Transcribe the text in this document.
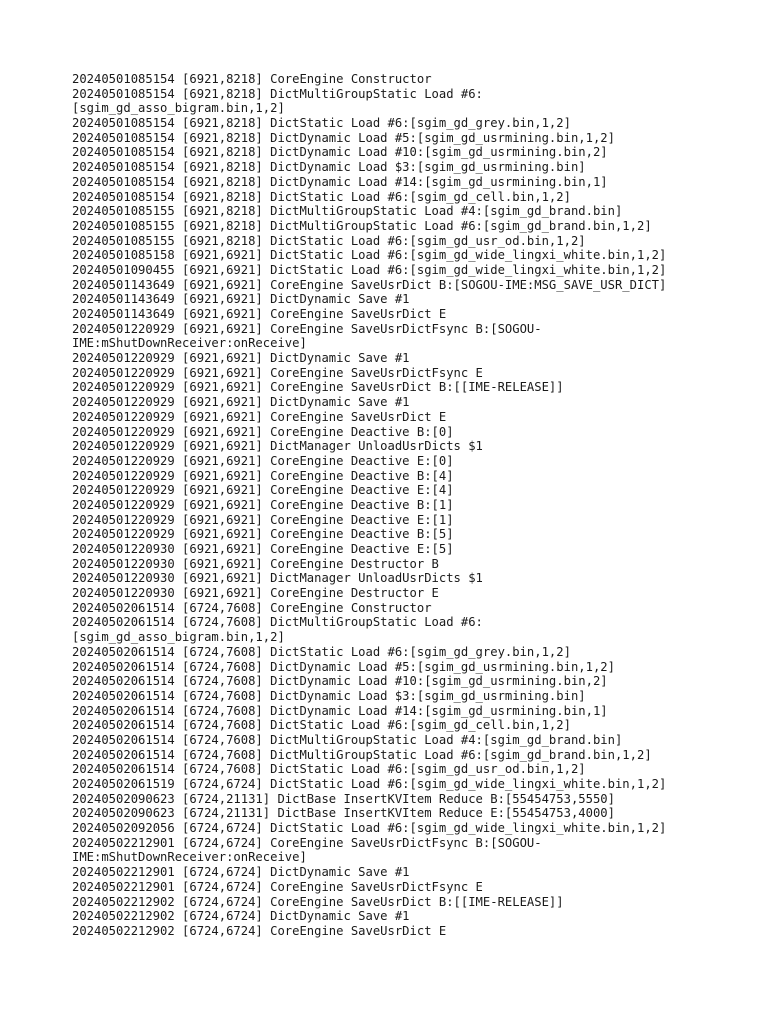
20240501085154 [6921,8218] CoreEngine Constructor
20240501085154 [6921,8218] DictMultiGroupStatic Load #6:
[sgim_gd_asso_bigram.bin,1,2]
20240501085154 [6921,8218] DictStatic Load #6:[sgim_gd_grey.bin,1,2]
20240501085154 [6921,8218] DictDynamic Load #5:[sgim_gd_usrmining.bin,1,2]
20240501085154 [6921,8218] DictDynamic Load #10:[sgim_gd_usrmining.bin,2]
20240501085154 [6921,8218] DictDynamic Load $3:[sgim_gd_usrmining.bin]
20240501085154 [6921,8218] DictDynamic Load #14:[sgim_gd_usrmining.bin,1]
20240501085154 [6921,8218] DictStatic Load #6:[sgim_gd_cell.bin,1,2]
20240501085155 [6921,8218] DictMultiGroupStatic Load #4:[sgim_gd_brand.bin]
20240501085155 [6921,8218] DictMultiGroupStatic Load #6:[sgim_gd_brand.bin,1,2]
20240501085155 [6921,8218] DictStatic Load #6:[sgim_gd_usr_od.bin,1,2]
20240501085158 [6921,6921] DictStatic Load #6:[sgim_gd_wide_lingxi_white.bin,1,2]
20240501090455 [6921,6921] DictStatic Load #6:[sgim_gd_wide_lingxi_white.bin,1,2]
20240501143649 [6921,6921] CoreEngine SaveUsrDict B:[SOGOU-IME:MSG_SAVE_USR_DICT]
20240501143649 [6921,6921] DictDynamic Save #1
20240501143649 [6921,6921] CoreEngine SaveUsrDict E
20240501220929 [6921,6921] CoreEngine SaveUsrDictFsync B:[SOGOU-
IME:mShutDownReceiver:onReceive]
20240501220929 [6921,6921] DictDynamic Save #1
20240501220929 [6921,6921] CoreEngine SaveUsrDictFsync E
20240501220929 [6921,6921] CoreEngine SaveUsrDict B:[[IME-RELEASE]]
20240501220929 [6921,6921] DictDynamic Save #1
20240501220929 [6921,6921] CoreEngine SaveUsrDict E
20240501220929 [6921,6921] CoreEngine Deactive B:[0]
20240501220929 [6921,6921] DictManager UnloadUsrDicts $1
20240501220929 [6921,6921] CoreEngine Deactive E:[0]
20240501220929 [6921,6921] CoreEngine Deactive B:[4]
20240501220929 [6921,6921] CoreEngine Deactive E:[4]
20240501220929 [6921,6921] CoreEngine Deactive B:[1]
20240501220929 [6921,6921] CoreEngine Deactive E:[1]
20240501220929 [6921,6921] CoreEngine Deactive B:[5]
20240501220930 [6921,6921] CoreEngine Deactive E:[5]
20240501220930 [6921,6921] CoreEngine Destructor B
20240501220930 [6921,6921] DictManager UnloadUsrDicts $1
20240501220930 [6921,6921] CoreEngine Destructor E
20240502061514 [6724,7608] CoreEngine Constructor
20240502061514 [6724,7608] DictMultiGroupStatic Load #6:
[sgim_gd_asso_bigram.bin,1,2]
20240502061514 [6724,7608] DictStatic Load #6:[sgim_gd_grey.bin,1,2]
20240502061514 [6724,7608] DictDynamic Load #5:[sgim_gd_usrmining.bin,1,2]
20240502061514 [6724,7608] DictDynamic Load #10:[sgim_gd_usrmining.bin,2]
20240502061514 [6724,7608] DictDynamic Load $3:[sgim_gd_usrmining.bin]
20240502061514 [6724,7608] DictDynamic Load #14:[sgim_gd_usrmining.bin,1]
20240502061514 [6724,7608] DictStatic Load #6:[sgim_gd_cell.bin,1,2]
20240502061514 [6724,7608] DictMultiGroupStatic Load #4:[sgim_gd_brand.bin]
20240502061514 [6724,7608] DictMultiGroupStatic Load #6:[sgim_gd_brand.bin,1,2]
20240502061514 [6724,7608] DictStatic Load #6:[sgim_gd_usr_od.bin,1,2]
20240502061519 [6724,6724] DictStatic Load #6:[sgim_gd_wide_lingxi_white.bin,1,2]
20240502090623 [6724,21131] DictBase InsertKVItem Reduce B:[55454753,5550]
20240502090623 [6724,21131] DictBase InsertKVItem Reduce E:[55454753,4000]
20240502092056 [6724,6724] DictStatic Load #6:[sgim_gd_wide_lingxi_white.bin,1,2]
20240502212901 [6724,6724] CoreEngine SaveUsrDictFsync B:[SOGOU-
IME:mShutDownReceiver:onReceive]
20240502212901 [6724,6724] DictDynamic Save #1
20240502212901 [6724,6724] CoreEngine SaveUsrDictFsync E
20240502212902 [6724,6724] CoreEngine SaveUsrDict B:[[IME-RELEASE]]
20240502212902 [6724,6724] DictDynamic Save #1
20240502212902 [6724,6724] CoreEngine SaveUsrDict E
